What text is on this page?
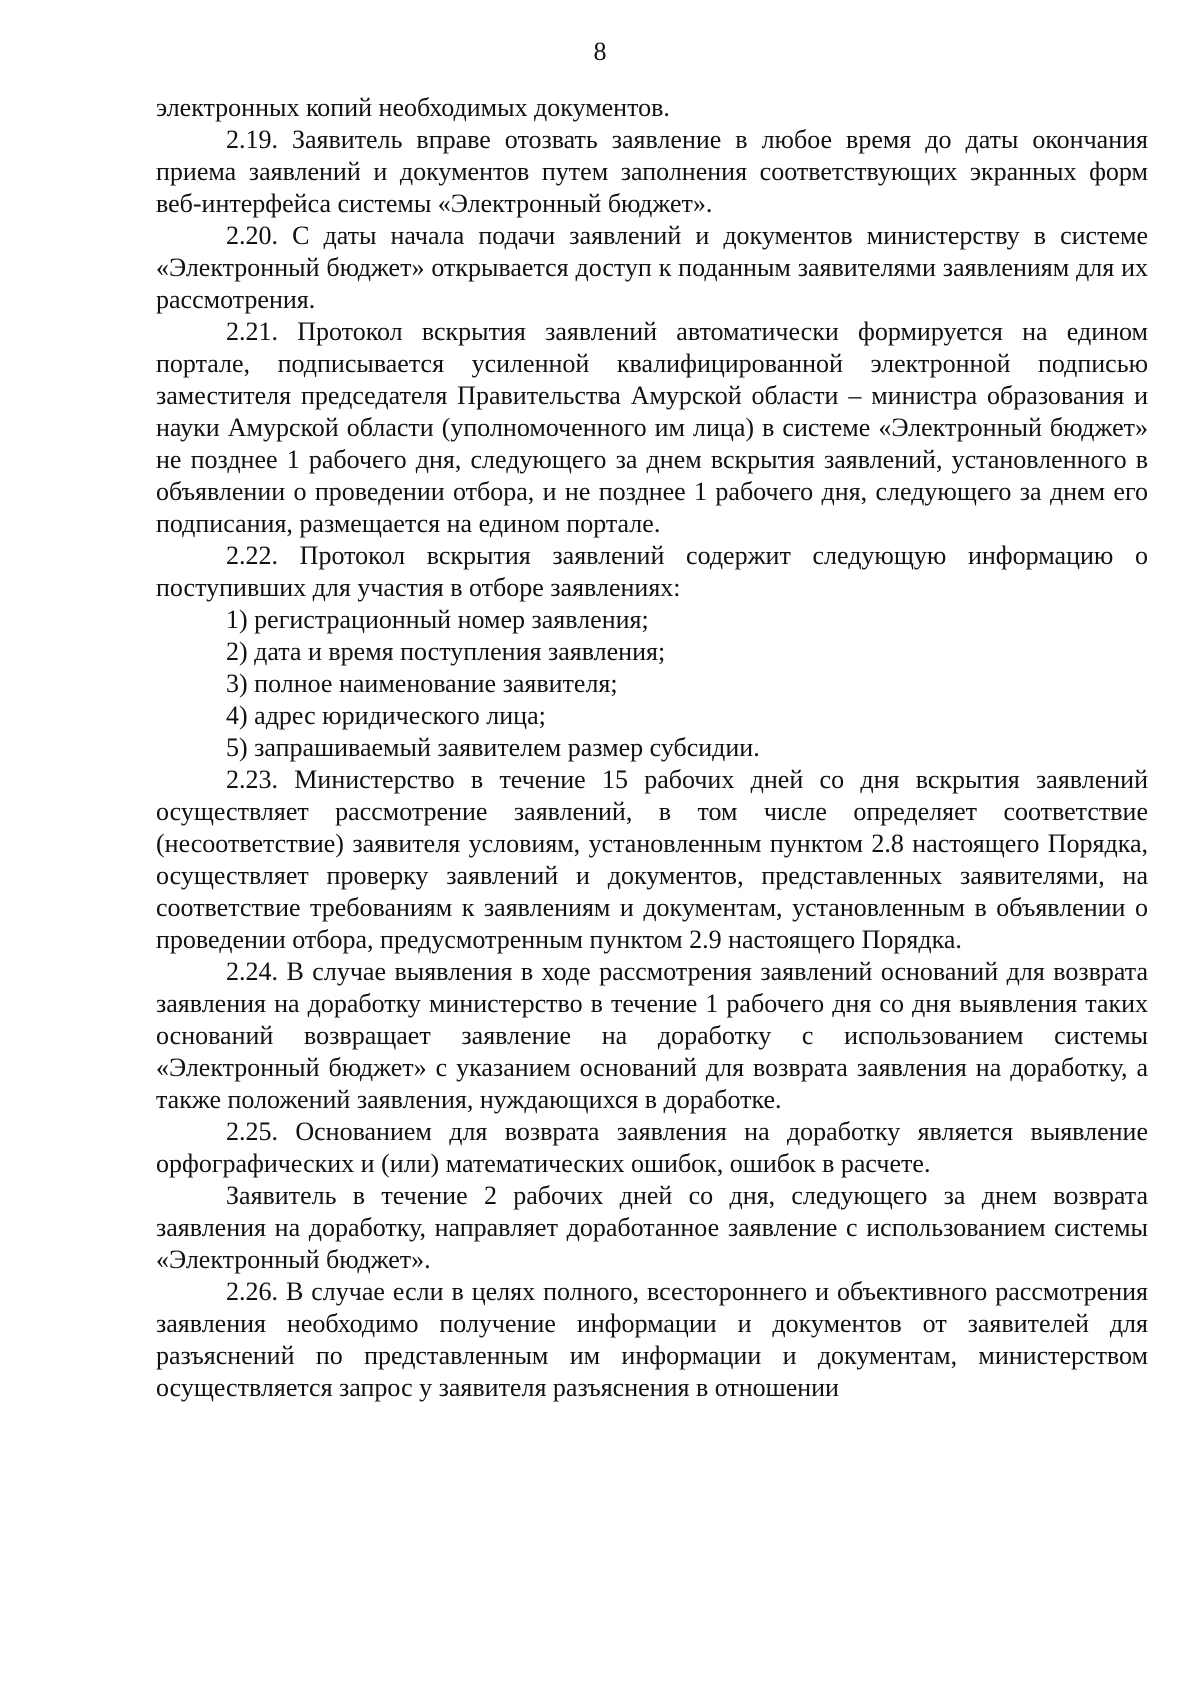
8

электронных копий необходимых документов.

2.19. Заявитель вправе отозвать заявление в любое время до даты окончания приема заявлений и документов путем заполнения соответствующих экранных форм веб-интерфейса системы «Электронный бюджет».

2.20. С даты начала подачи заявлений и документов министерству в системе «Электронный бюджет» открывается доступ к поданным заявителями заявлениям для их рассмотрения.

2.21. Протокол вскрытия заявлений автоматически формируется на едином портале, подписывается усиленной квалифицированной электронной подписью заместителя председателя Правительства Амурской области – министра образования и науки Амурской области (уполномоченного им лица) в системе «Электронный бюджет» не позднее 1 рабочего дня, следующего за днем вскрытия заявлений, установленного в объявлении о проведении отбора, и не позднее 1 рабочего дня, следующего за днем его подписания, размещается на едином портале.

2.22. Протокол вскрытия заявлений содержит следующую информацию о поступивших для участия в отборе заявлениях:

1) регистрационный номер заявления;

2) дата и время поступления заявления;

3) полное наименование заявителя;

4) адрес юридического лица;

5) запрашиваемый заявителем размер субсидии.

2.23. Министерство в течение 15 рабочих дней со дня вскрытия заявлений осуществляет рассмотрение заявлений, в том числе определяет соответствие (несоответствие) заявителя условиям, установленным пунктом 2.8 настоящего Порядка, осуществляет проверку заявлений и документов, представленных заявителями, на соответствие требованиям к заявлениям и документам, установленным в объявлении о проведении отбора, предусмотренным пунктом 2.9 настоящего Порядка.

2.24. В случае выявления в ходе рассмотрения заявлений оснований для возврата заявления на доработку министерство в течение 1 рабочего дня со дня выявления таких оснований возвращает заявление на доработку с использованием системы «Электронный бюджет» с указанием оснований для возврата заявления на доработку, а также положений заявления, нуждающихся в доработке.

2.25. Основанием для возврата заявления на доработку является выявление орфографических и (или) математических ошибок, ошибок в расчете.

Заявитель в течение 2 рабочих дней со дня, следующего за днем возврата заявления на доработку, направляет доработанное заявление с использованием системы «Электронный бюджет».

2.26. В случае если в целях полного, всестороннего и объективного рассмотрения заявления необходимо получение информации и документов от заявителей для разъяснений по представленным им информации и документам, министерством осуществляется запрос у заявителя разъяснения в отношении
